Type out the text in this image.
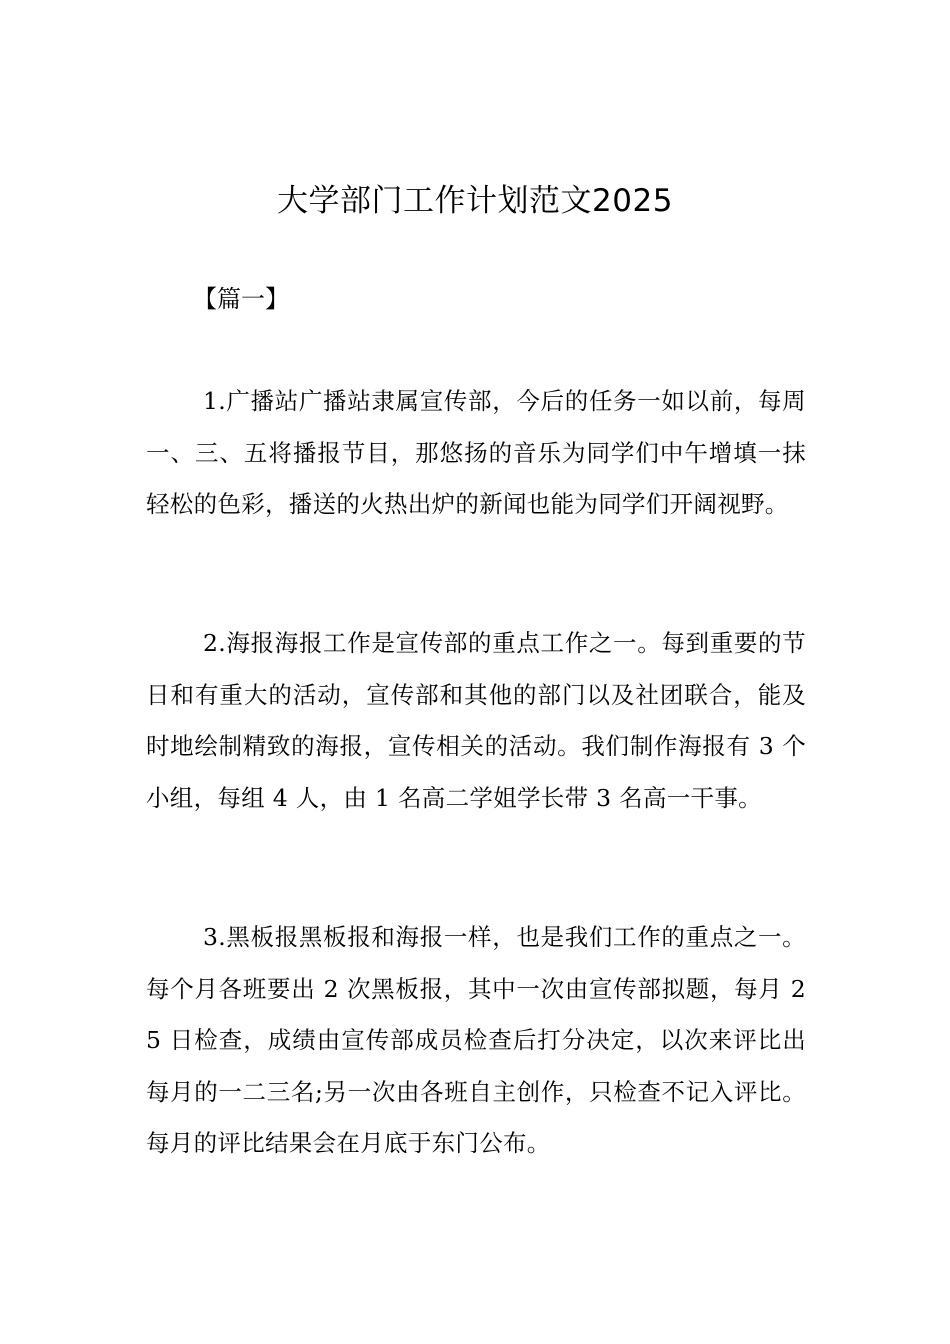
大学部门工作计划范文2025
【篇一】

1.广播站广播站隶属宣传部，今后的任务一如以前，每周一、三、五将播报节目，那悠扬的音乐为同学们中午增填一抹轻松的色彩，播送的火热出炉的新闻也能为同学们开阔视野。

2.海报海报工作是宣传部的重点工作之一。每到重要的节日和有重大的活动，宣传部和其他的部门以及社团联合，能及时地绘制精致的海报，宣传相关的活动。我们制作海报有 3 个小组，每组 4 人，由 1 名高二学姐学长带 3 名高一干事。

3.黑板报黑板报和海报一样，也是我们工作的重点之一。每个月各班要出 2 次黑板报，其中一次由宣传部拟题，每月 25 日检查，成绩由宣传部成员检查后打分决定，以次来评比出每月的一二三名;另一次由各班自主创作，只检查不记入评比。每月的评比结果会在月底于东门公布。
